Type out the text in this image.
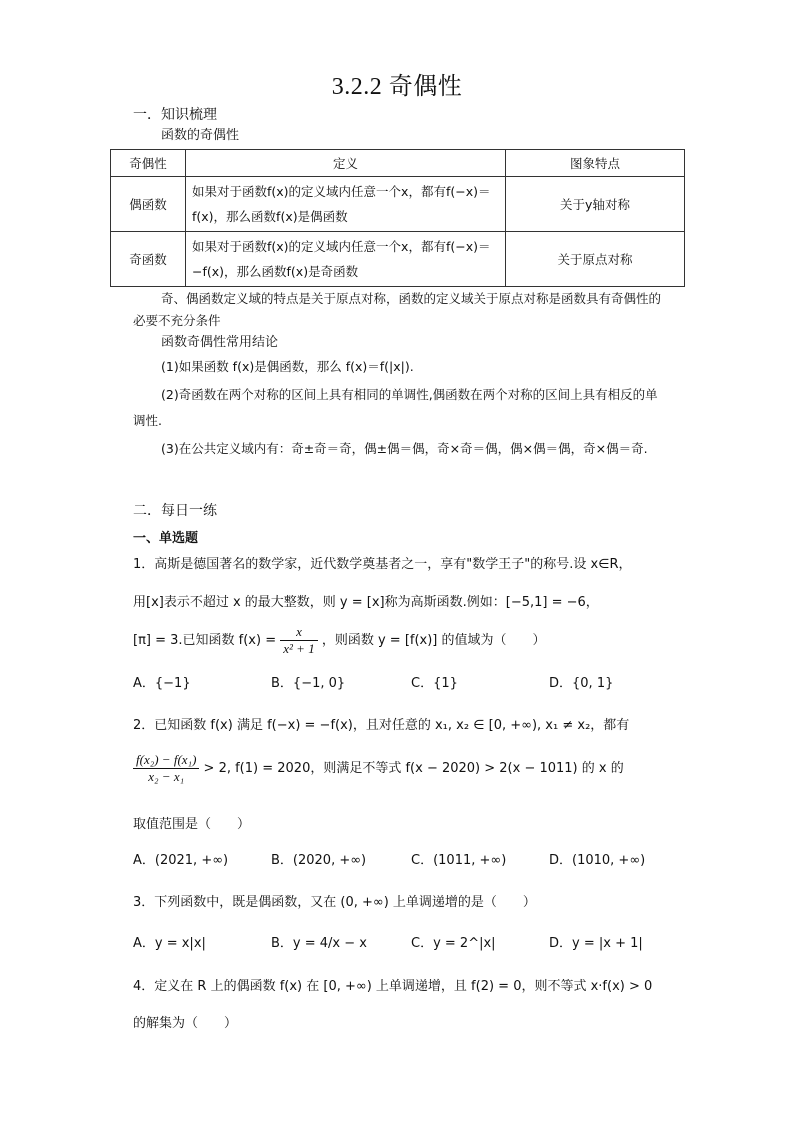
3.2.2 奇偶性
一．知识梳理
函数的奇偶性
奇偶性	定义	图象特点
偶函数	如果对于函数f(x)的定义域内任意一个x，都有f(−x)＝f(x)，那么函数f(x)是偶函数	关于y轴对称
奇函数	如果对于函数f(x)的定义域内任意一个x，都有f(−x)＝−f(x)，那么函数f(x)是奇函数	关于原点对称
奇、偶函数定义域的特点是关于原点对称，函数的定义域关于原点对称是函数具有奇偶性的必要不充分条件
函数奇偶性常用结论
(1)如果函数 f(x)是偶函数，那么 f(x)＝f(|x|).
(2)奇函数在两个对称的区间上具有相同的单调性,偶函数在两个对称的区间上具有相反的单调性.
(3)在公共定义域内有：奇±奇＝奇，偶±偶＝偶，奇×奇＝偶，偶×偶＝偶，奇×偶＝奇.
二．每日一练
一、单选题
1．高斯是德国著名的数学家，近代数学奠基者之一，享有"数学王子"的称号.设 x∈R，
用[x]表示不超过 x 的最大整数，则 y = [x]称为高斯函数.例如：[−5,1] = −6，
[π] = 3.已知函数 $f(x) = \frac{x}{\text{x² + 1}}$ ，则函数 y = [f(x)] 的值域为（　　）
A．{−1}	B．{−1, 0}	C．{1}	D．{0, 1}
2．已知函数 f(x) 满足 f(−x) = −f(x)，且对任意的 x₁, x₂ ∈ [0, +∞), x₁ ≠ x₂，都有
$\frac{\text{f(x₂) − f(x₁)}}{\text{x₂ − x₁}} > 2$, f(1) = 2020，则满足不等式 f(x − 2020) > 2(x − 1011) 的 x 的
取值范围是（　　）
A．(2021, +∞)	B．(2020, +∞)	C．(1011, +∞)	D．(1010, +∞)
3．下列函数中，既是偶函数，又在 (0, +∞) 上单调递增的是（　　）
A．y = x|x|	B．y = 4/x − x	C．y = 2^|x|	D．y = |x + 1|
4．定义在 R 上的偶函数 f(x) 在 [0, +∞) 上单调递增，且 f(2) = 0，则不等式 x·f(x) > 0
的解集为（　　）
